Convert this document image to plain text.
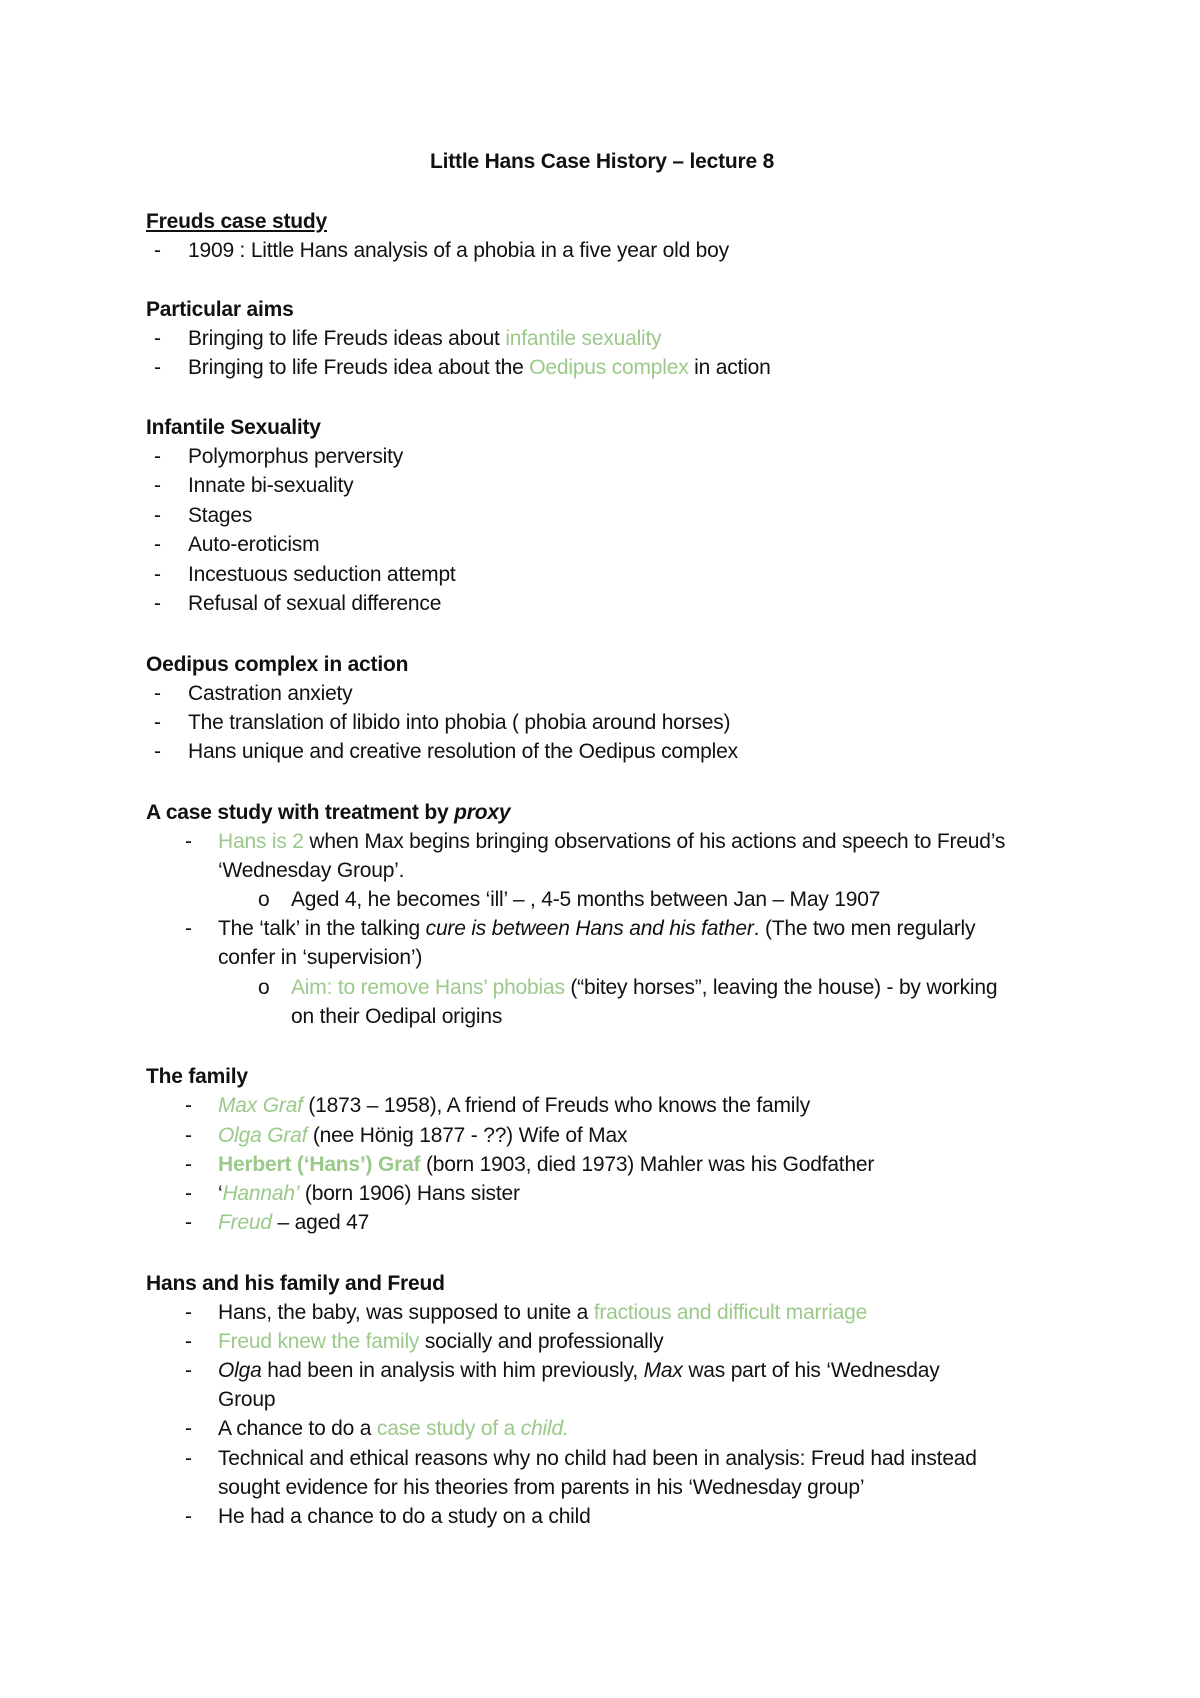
Little Hans Case History – lecture 8
Freuds case study
- 1909 : Little Hans analysis of a phobia in a five year old boy
Particular aims
- Bringing to life Freuds ideas about infantile sexuality
- Bringing to life Freuds idea about the Oedipus complex in action
Infantile Sexuality
- Polymorphus perversity
- Innate bi-sexuality
- Stages
- Auto-eroticism
- Incestuous seduction attempt
- Refusal of sexual difference
Oedipus complex in action
- Castration anxiety
- The translation of libido into phobia ( phobia around horses)
- Hans unique and creative resolution of the Oedipus complex
A case study with treatment by proxy
- Hans is 2 when Max begins bringing observations of his actions and speech to Freud’s
‘Wednesday Group’.
o Aged 4, he becomes ‘ill’ – , 4-5 months between Jan – May 1907
- The ‘talk’ in the talking cure is between Hans and his father. (The two men regularly
confer in ‘supervision’)
o Aim: to remove Hans’ phobias (“bitey horses”, leaving the house) - by working
on their Oedipal origins
The family
- Max Graf (1873 – 1958), A friend of Freuds who knows the family
- Olga Graf (nee Hönig 1877 - ??) Wife of Max
- Herbert (‘Hans’) Graf (born 1903, died 1973) Mahler was his Godfather
- ‘Hannah’ (born 1906) Hans sister
- Freud – aged 47
Hans and his family and Freud
- Hans, the baby, was supposed to unite a fractious and difficult marriage
- Freud knew the family socially and professionally
- Olga had been in analysis with him previously, Max was part of his ‘Wednesday
Group
- A chance to do a case study of a child.
- Technical and ethical reasons why no child had been in analysis: Freud had instead
sought evidence for his theories from parents in his ‘Wednesday group’
- He had a chance to do a study on a child
